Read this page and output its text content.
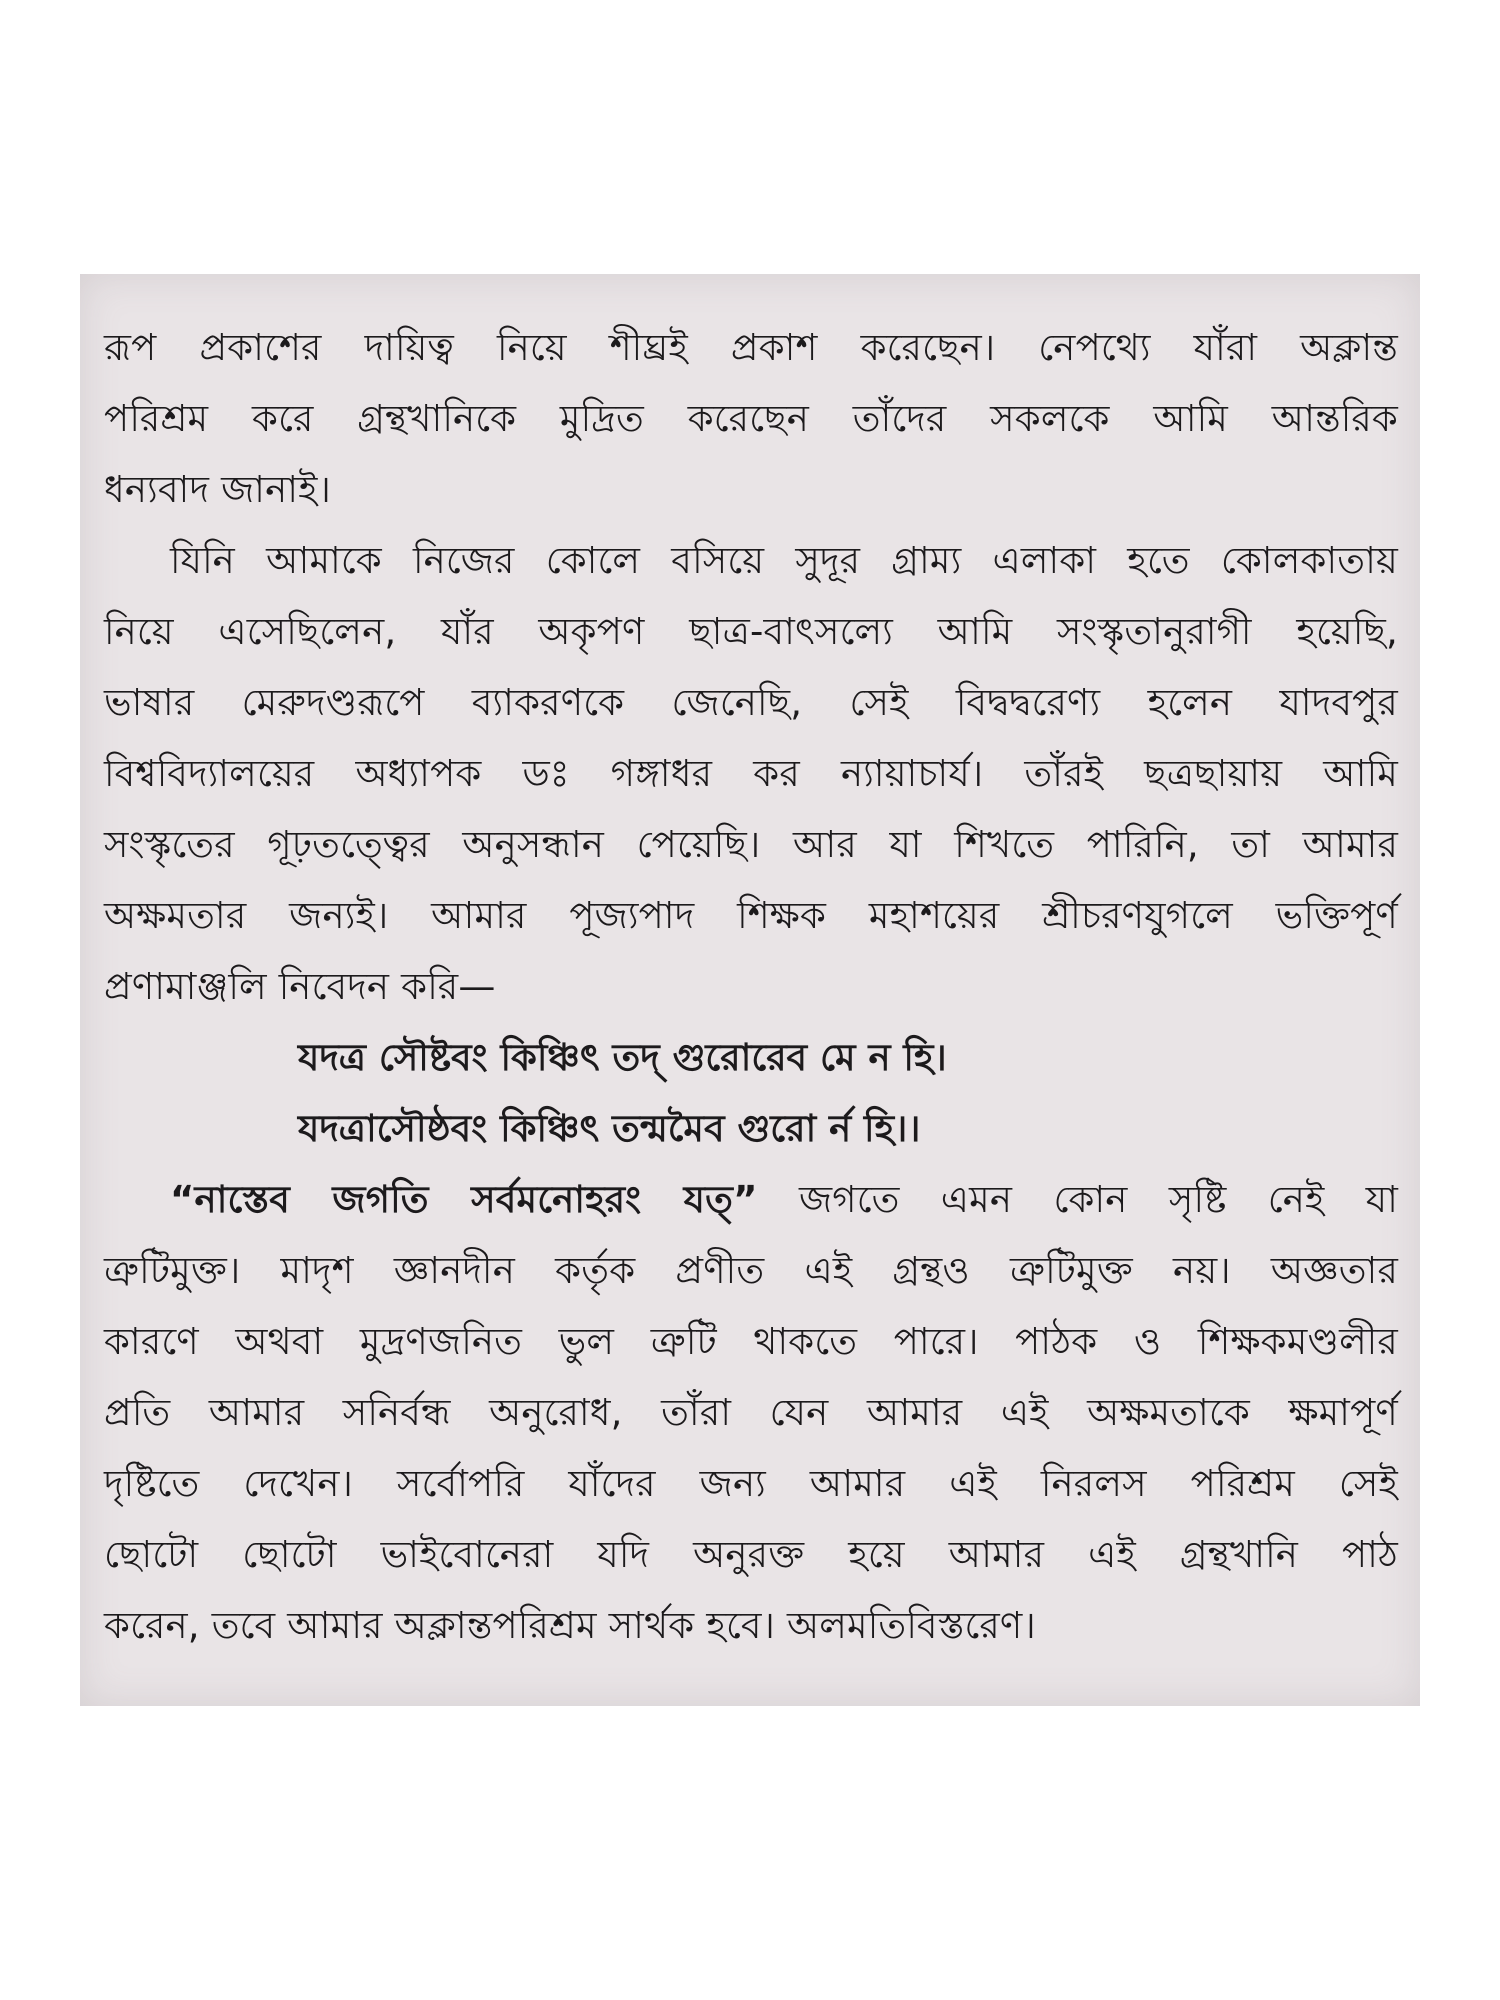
রূপ প্রকাশের দায়িত্ব নিয়ে শীঘ্রই প্রকাশ করেছেন। নেপথ্যে যাঁরা অক্লান্ত
পরিশ্রম করে গ্রন্থখানিকে মুদ্রিত করেছেন তাঁদের সকলকে আমি আন্তরিক
ধন্যবাদ জানাই।
যিনি আমাকে নিজের কোলে বসিয়ে সুদূর গ্রাম্য এলাকা হতে কোলকাতায়
নিয়ে এসেছিলেন, যাঁর অকৃপণ ছাত্র-বাৎসল্যে আমি সংস্কৃতানুরাগী হয়েছি,
ভাষার মেরুদণ্ডরূপে ব্যাকরণকে জেনেছি, সেই বিদ্বদ্বরেণ্য হলেন যাদবপুর
বিশ্ববিদ্যালয়ের অধ্যাপক ডঃ গঙ্গাধর কর ন্যায়াচার্য। তাঁরই ছত্রছায়ায় আমি
সংস্কৃতের গূঢ়তত্ত্বের অনুসন্ধান পেয়েছি। আর যা শিখতে পারিনি, তা আমার
অক্ষমতার জন্যই। আমার পূজ্যপাদ শিক্ষক মহাশয়ের শ্রীচরণযুগলে ভক্তিপূর্ণ
প্রণামাঞ্জলি নিবেদন করি—
যদত্র সৌষ্টবং কিঞ্চিৎ তদ্ গুরোরেব মে ন হি।
যদত্রাসৌষ্ঠবং কিঞ্চিৎ তন্মমৈব গুরো র্ন হি।।
“নাস্তেব জগতি সর্বমনোহরং যত্” জগতে এমন কোন সৃষ্টি নেই যা
ত্রুটিমুক্ত। মাদৃশ জ্ঞানদীন কর্তৃক প্রণীত এই গ্রন্থও ত্রুটিমুক্ত নয়। অজ্ঞতার
কারণে অথবা মুদ্রণজনিত ভুল ত্রুটি থাকতে পারে। পাঠক ও শিক্ষকমণ্ডলীর
প্রতি আমার সনির্বন্ধ অনুরোধ, তাঁরা যেন আমার এই অক্ষমতাকে ক্ষমাপূর্ণ
দৃষ্টিতে দেখেন। সর্বোপরি যাঁদের জন্য আমার এই নিরলস পরিশ্রম সেই
ছোটো ছোটো ভাইবোনেরা যদি অনুরক্ত হয়ে আমার এই গ্রন্থখানি পাঠ
করেন, তবে আমার অক্লান্তপরিশ্রম সার্থক হবে। অলমতিবিস্তরেণ।
